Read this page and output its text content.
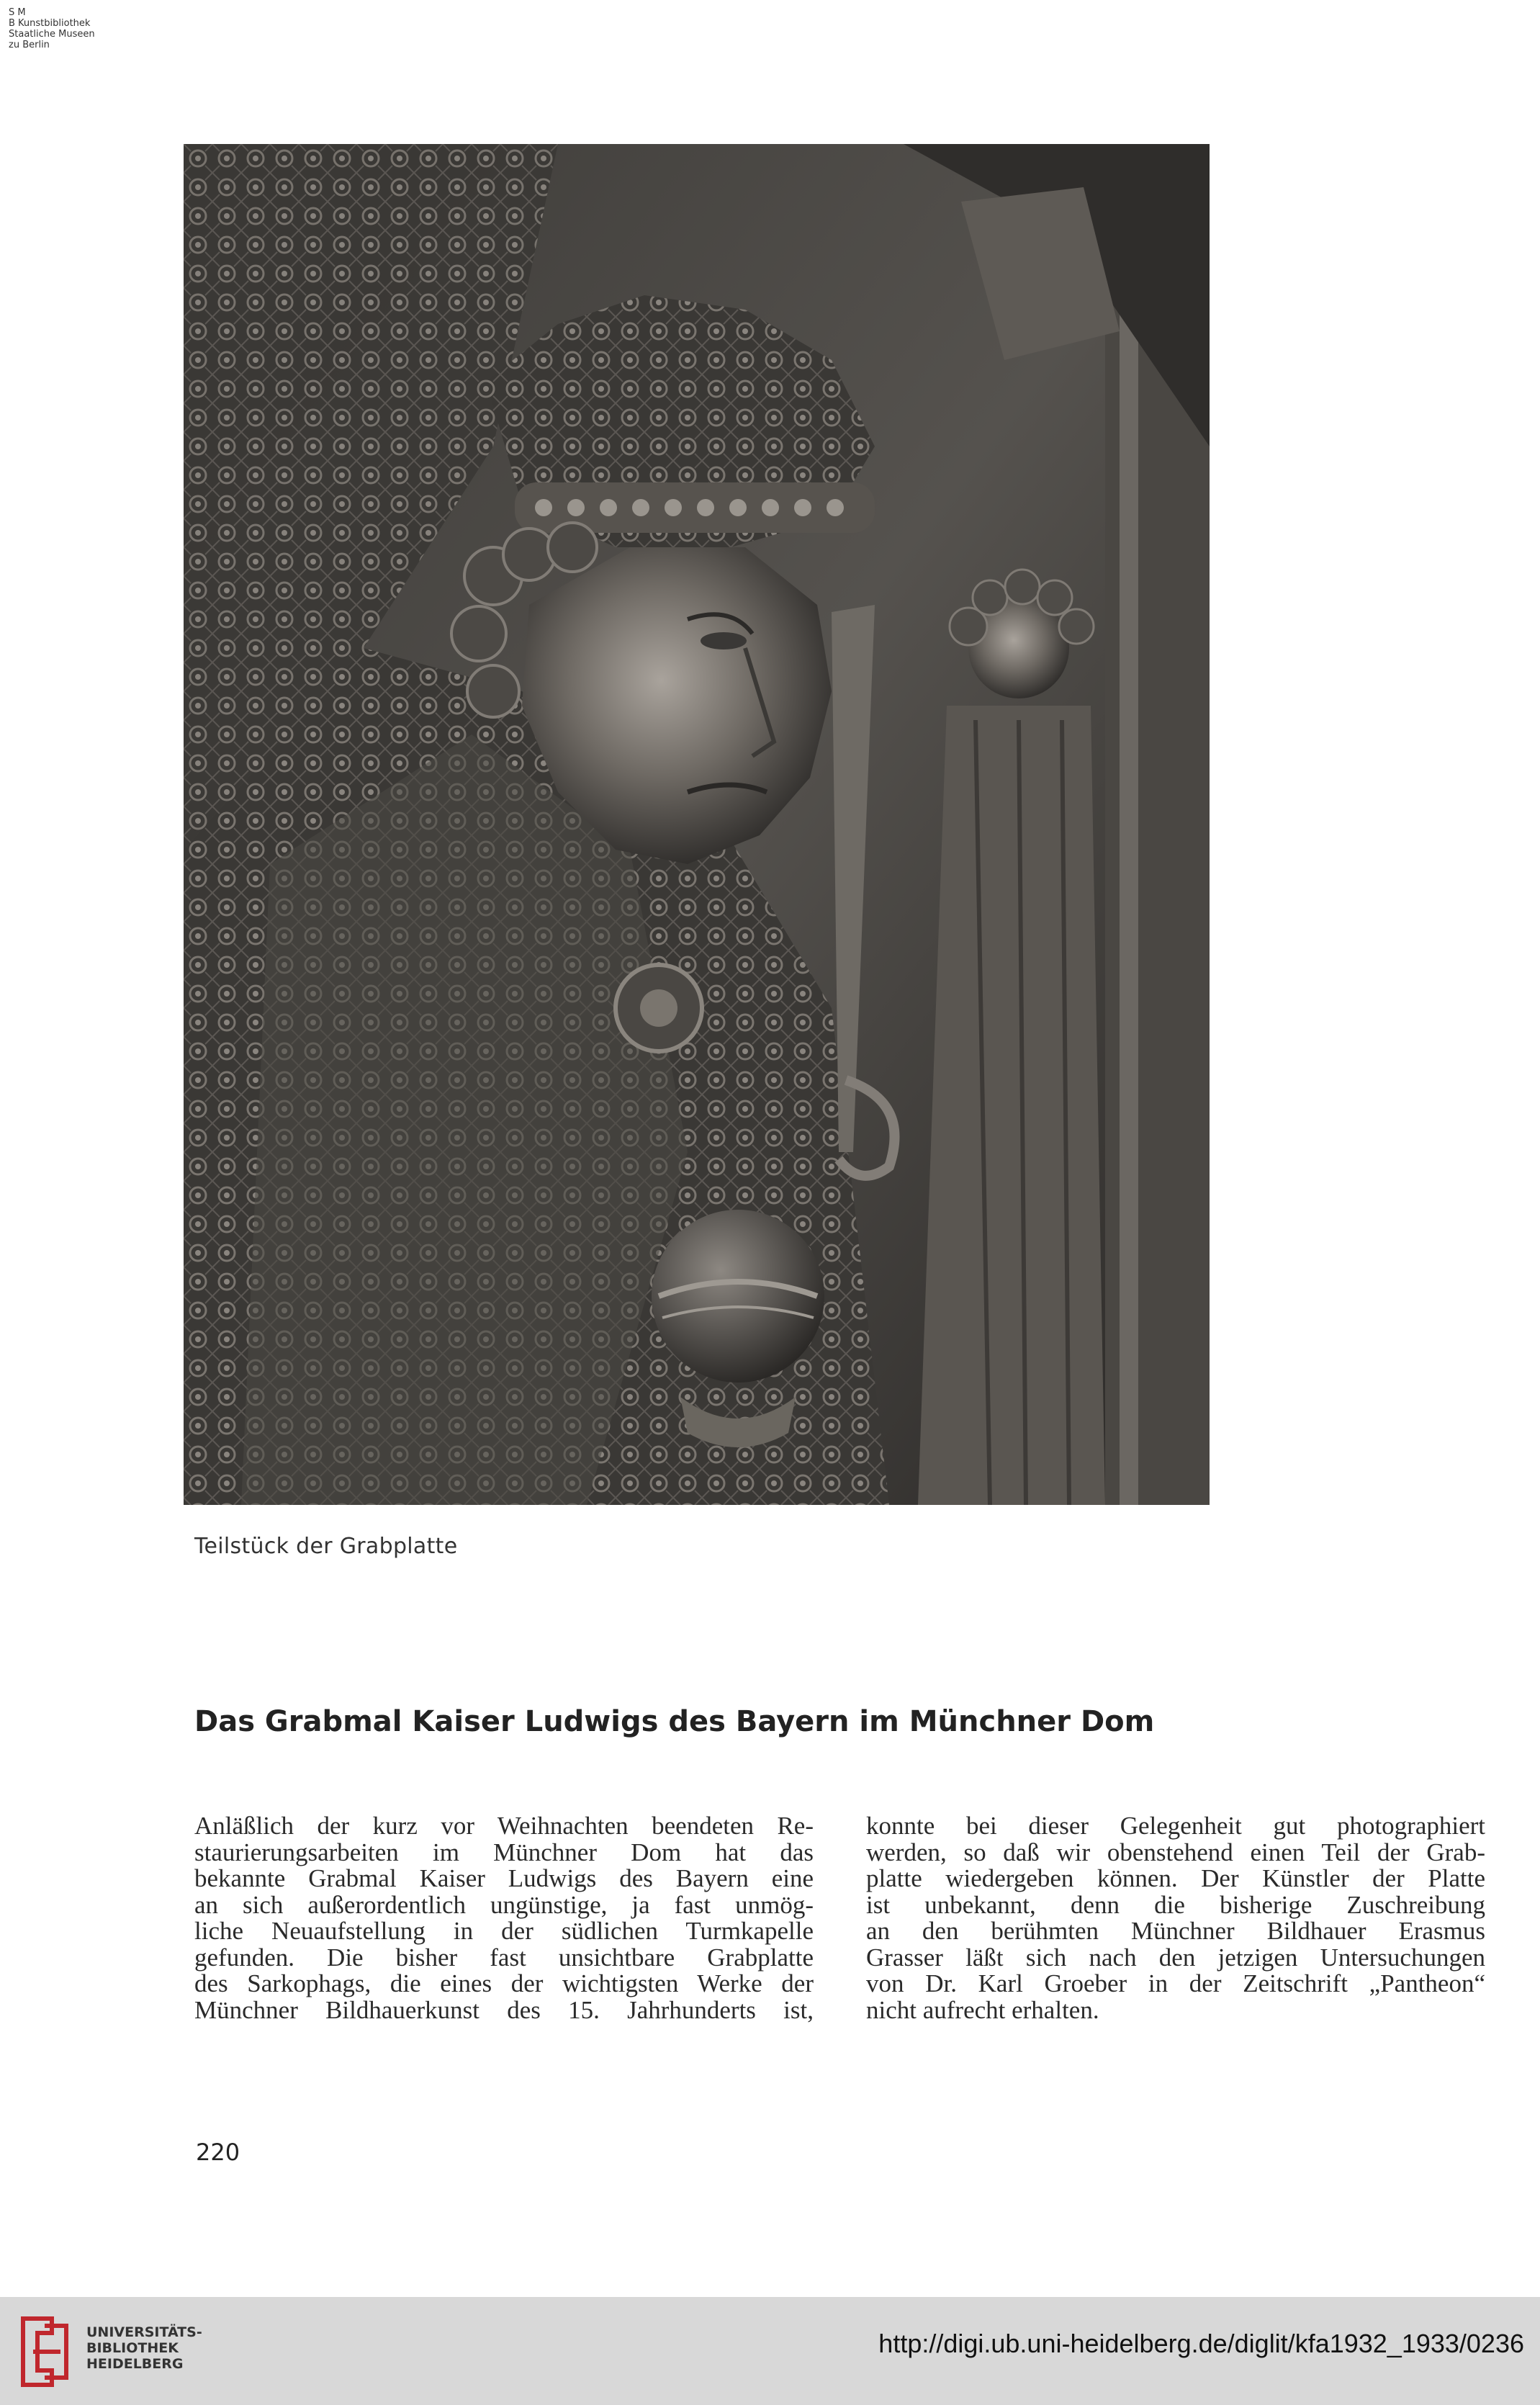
S M
B Kunstbibliothek
Staatliche Museen
zu Berlin
Teilstück der Grabplatte
Das Grabmal Kaiser Ludwigs des Bayern im Münchner Dom
Anläßlich der kurz vor Weihnachten beendeten Re-
staurierungsarbeiten im Münchner Dom hat das
bekannte Grabmal Kaiser Ludwigs des Bayern eine
an sich außerordentlich ungünstige, ja fast unmög-
liche Neuaufstellung in der südlichen Turmkapelle
gefunden. Die bisher fast unsichtbare Grabplatte
des Sarkophags, die eines der wichtigsten Werke der
Münchner Bildhauerkunst des 15. Jahrhunderts ist,
konnte bei dieser Gelegenheit gut photographiert
werden, so daß wir obenstehend einen Teil der Grab-
platte wiedergeben können. Der Künstler der Platte
ist unbekannt, denn die bisherige Zuschreibung
an den berühmten Münchner Bildhauer Erasmus
Grasser läßt sich nach den jetzigen Untersuchungen
von Dr. Karl Groeber in der Zeitschrift „Pantheon“
nicht aufrecht erhalten.
220
UNIVERSITÄTS-
BIBLIOTHEK
HEIDELBERG
http://digi.ub.uni-heidelberg.de/diglit/kfa1932_1933/0236
